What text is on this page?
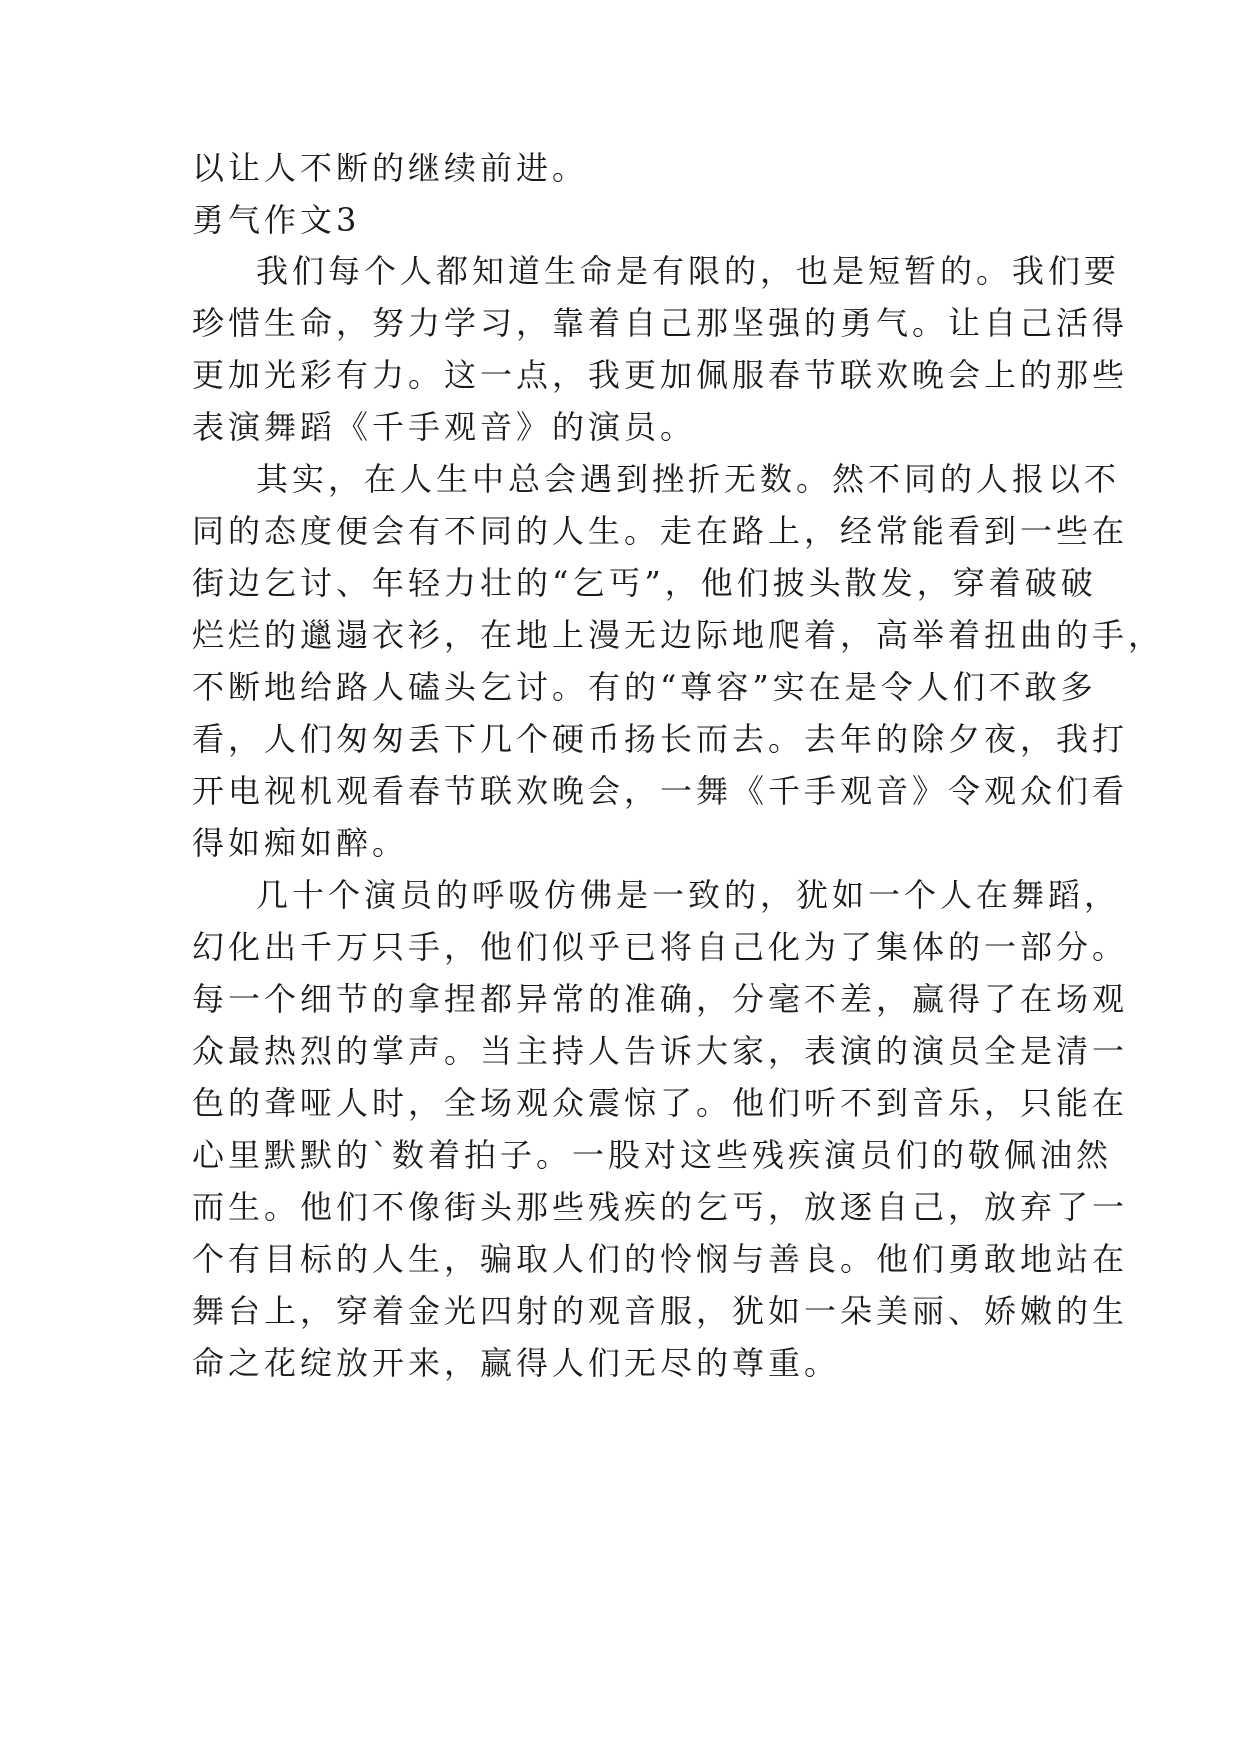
以让人不断的继续前进。
勇气作文3
我们每个人都知道生命是有限的，也是短暂的。我们要
珍惜生命，努力学习，靠着自己那坚强的勇气。让自己活得
更加光彩有力。这一点，我更加佩服春节联欢晚会上的那些
表演舞蹈《千手观音》的演员。
其实，在人生中总会遇到挫折无数。然不同的人报以不
同的态度便会有不同的人生。走在路上，经常能看到一些在
街边乞讨、年轻力壮的“乞丐”，他们披头散发，穿着破破
烂烂的邋遢衣衫，在地上漫无边际地爬着，高举着扭曲的手，
不断地给路人磕头乞讨。有的“尊容”实在是令人们不敢多
看，人们匆匆丢下几个硬币扬长而去。去年的除夕夜，我打
开电视机观看春节联欢晚会，一舞《千手观音》令观众们看
得如痴如醉。
几十个演员的呼吸仿佛是一致的，犹如一个人在舞蹈，
幻化出千万只手，他们似乎已将自己化为了集体的一部分。
每一个细节的拿捏都异常的准确，分毫不差，赢得了在场观
众最热烈的掌声。当主持人告诉大家，表演的演员全是清一
色的聋哑人时，全场观众震惊了。他们听不到音乐，只能在
心里默默的`数着拍子。一股对这些残疾演员们的敬佩油然
而生。他们不像街头那些残疾的乞丐，放逐自己，放弃了一
个有目标的人生，骗取人们的怜悯与善良。他们勇敢地站在
舞台上，穿着金光四射的观音服，犹如一朵美丽、娇嫩的生
命之花绽放开来，赢得人们无尽的尊重。
